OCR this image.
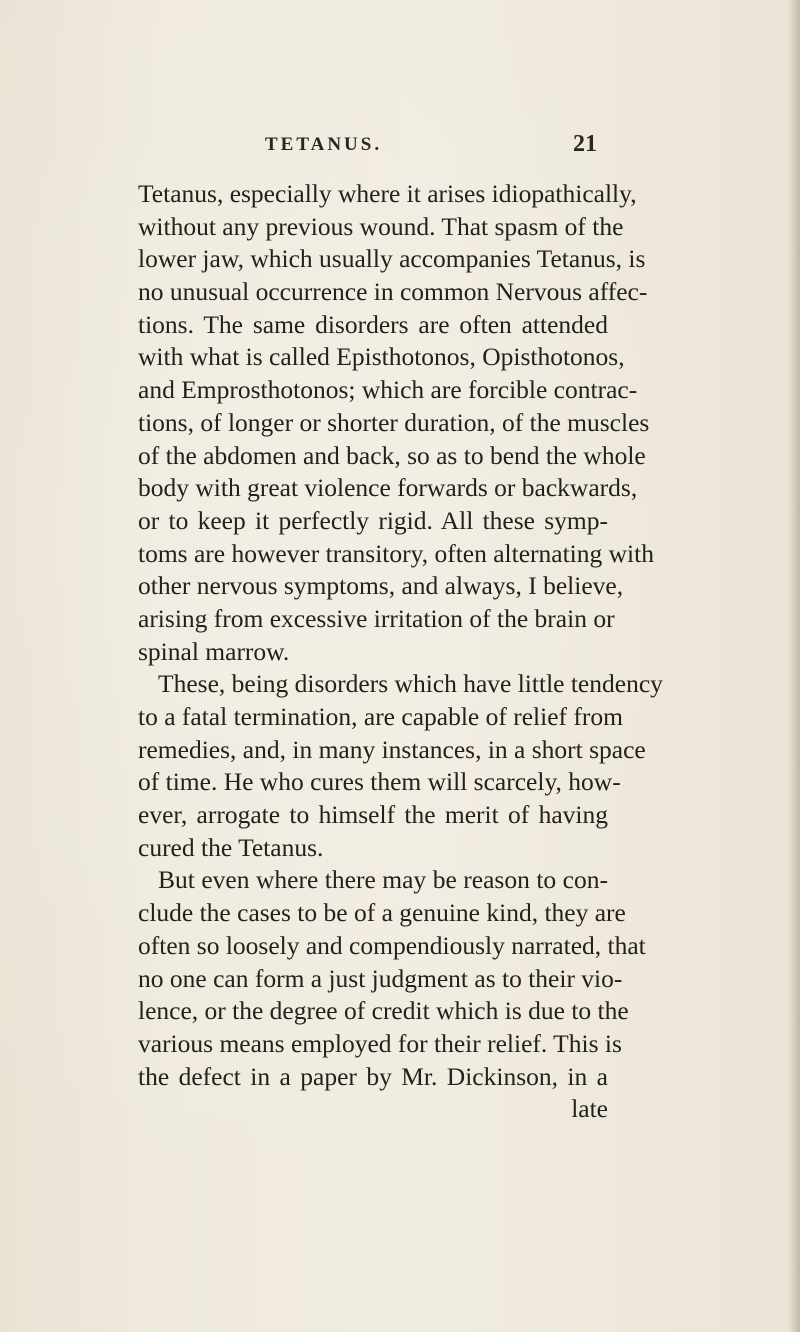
TETANUS.	21
Tetanus, especially where it arises idiopathically,
without any previous wound. That spasm of the
lower jaw, which usually accompanies Tetanus, is
no unusual occurrence in common Nervous affec-
tions. The same disorders are often attended
with what is called Episthotonos, Opisthotonos,
and Emprosthotonos; which are forcible contrac-
tions, of longer or shorter duration, of the muscles
of the abdomen and back, so as to bend the whole
body with great violence forwards or backwards,
or to keep it perfectly rigid. All these symp-
toms are however transitory, often alternating with
other nervous symptoms, and always, I believe,
arising from excessive irritation of the brain or
spinal marrow.
These, being disorders which have little tendency
to a fatal termination, are capable of relief from
remedies, and, in many instances, in a short space
of time. He who cures them will scarcely, how-
ever, arrogate to himself the merit of having
cured the Tetanus.
But even where there may be reason to con-
clude the cases to be of a genuine kind, they are
often so loosely and compendiously narrated, that
no one can form a just judgment as to their vio-
lence, or the degree of credit which is due to the
various means employed for their relief. This is
the defect in a paper by Mr. Dickinson, in a
late
